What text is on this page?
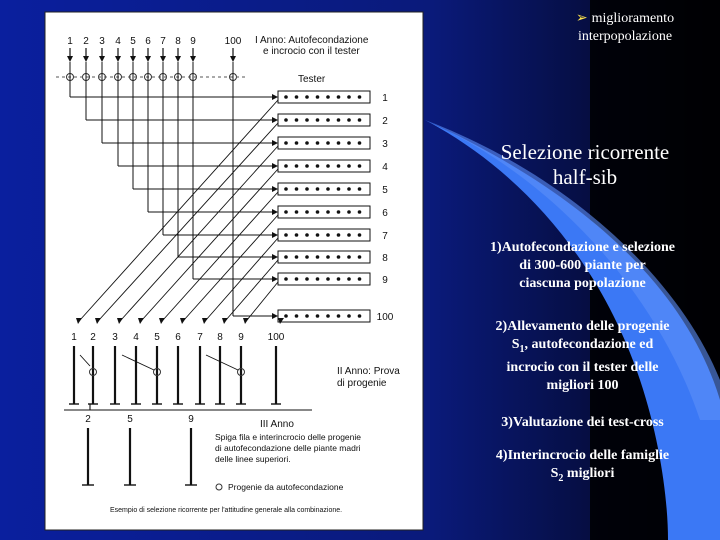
1 2 3 4 5 6 7 8 9	100
1
2
3
4
5
6
7
8
9
100
1 2 3 4 5 6 7 8 9 100
2	5	9
I Anno: Autofecondazione
e incrocio con il tester
Tester
II Anno: Prova
di progenie
III Anno
Spiga fila e interincrocio delle progenie
di autofecondazione delle piante madri
delle linee superiori.
Progenie da autofecondazione
Esempio di selezione ricorrente per l'attitudine generale alla combinazione.
➢ miglioramento interpopolazione
Selezione ricorrente
half-sib
1)Autofecondazione e selezione
di 300-600 piante per
ciascuna popolazione
2)Allevamento delle progenie
$S_1$, autofecondazione ed
incrocio con il tester delle
migliori 100
3)Valutazione dei test-cross
4)Interincrocio delle famiglie
$S_2$ migliori
